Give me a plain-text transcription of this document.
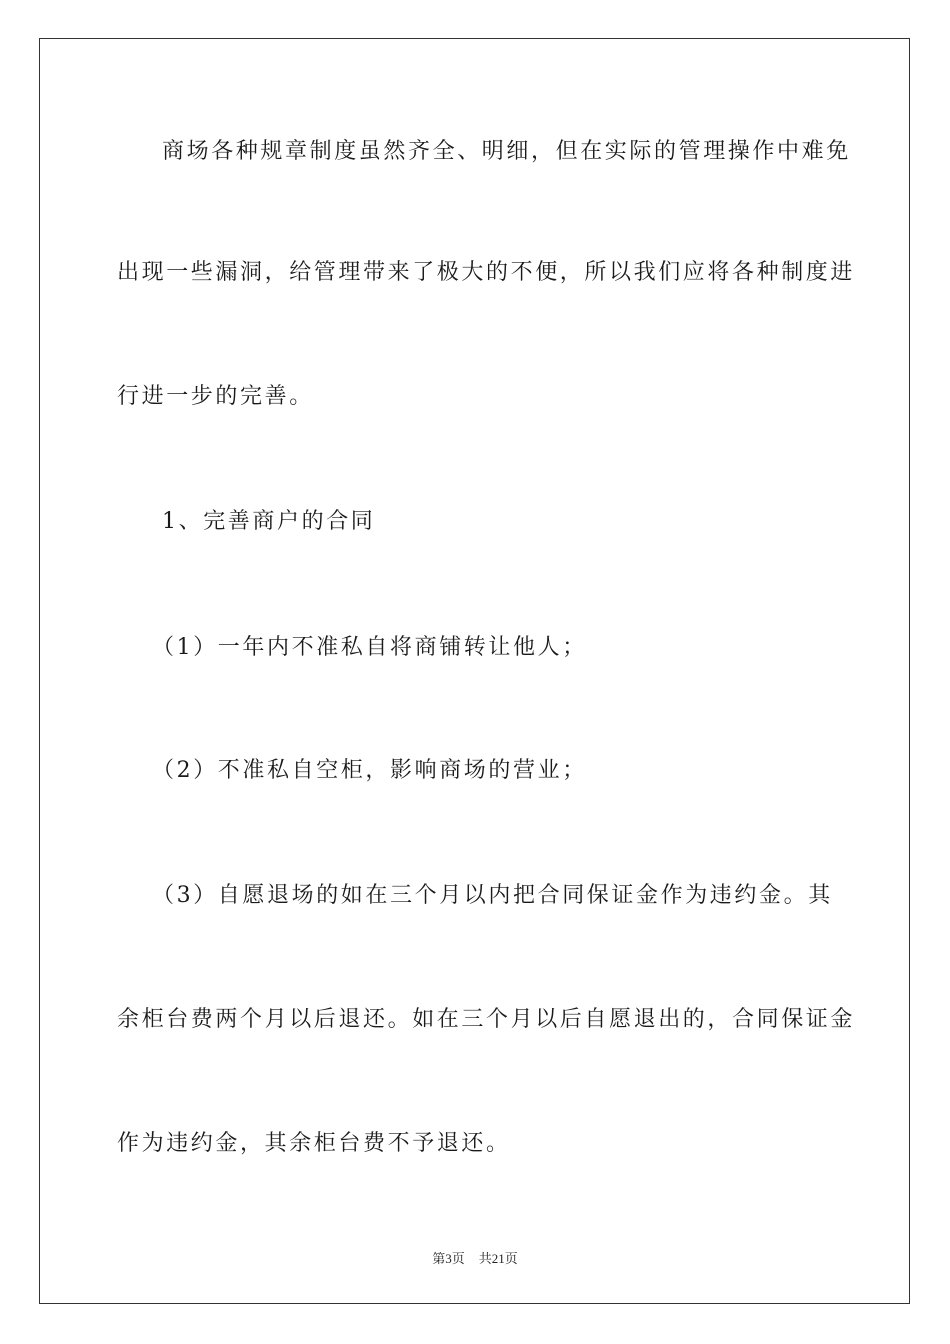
商场各种规章制度虽然齐全、明细，但在实际的管理操作中难免
出现一些漏洞，给管理带来了极大的不便，所以我们应将各种制度进
行进一步的完善。
1、完善商户的合同
（1）一年内不准私自将商铺转让他人；
（2）不准私自空柜，影响商场的营业；
（3）自愿退场的如在三个月以内把合同保证金作为违约金。其
余柜台费两个月以后退还。如在三个月以后自愿退出的，合同保证金
作为违约金，其余柜台费不予退还。
第3页 共21页
